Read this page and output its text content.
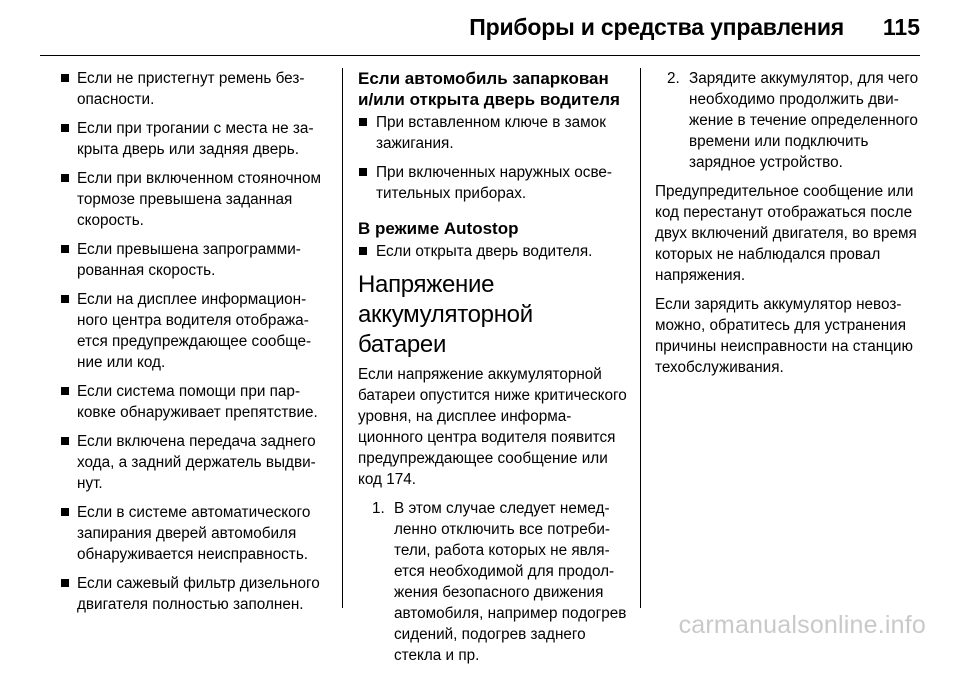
Приборы и средства управления 115
Если не пристегнут ремень безопасности.
Если при трогании с места не закрыта дверь или задняя дверь.
Если при включенном стояночном тормозе превышена заданная скорость.
Если превышена запрограммированная скорость.
Если на дисплее информационного центра водителя отображается предупреждающее сообщение или код.
Если система помощи при парковке обнаруживает препятствие.
Если включена передача заднего хода, а задний держатель выдвинут.
Если в системе автоматического запирания дверей автомобиля обнаруживается неисправность.
Если сажевый фильтр дизельного двигателя полностью заполнен.
Если автомобиль запаркован и/или открыта дверь водителя
При вставленном ключе в замок зажигания.
При включенных наружных осветительных приборах.
В режиме Autostop
Если открыта дверь водителя.
Напряжение аккумуляторной батареи

Если напряжение аккумуляторной батареи опустится ниже критического уровня, на дисплее информационного центра водителя появится предупреждающее сообщение или код 174.

1. В этом случае следует немедленно отключить все потребители, работа которых не является необходимой для продолжения безопасного движения автомобиля, например подогрев сидений, подогрев заднего стекла и пр.
2. Зарядите аккумулятор, для чего необходимо продолжить движение в течение определенного времени или подключить зарядное устройство.

Предупредительное сообщение или код перестанут отображаться после двух включений двигателя, во время которых не наблюдался провал напряжения.

Если зарядить аккумулятор невозможно, обратитесь для устранения причины неисправности на станцию техобслуживания.

carmanualsonline.info
